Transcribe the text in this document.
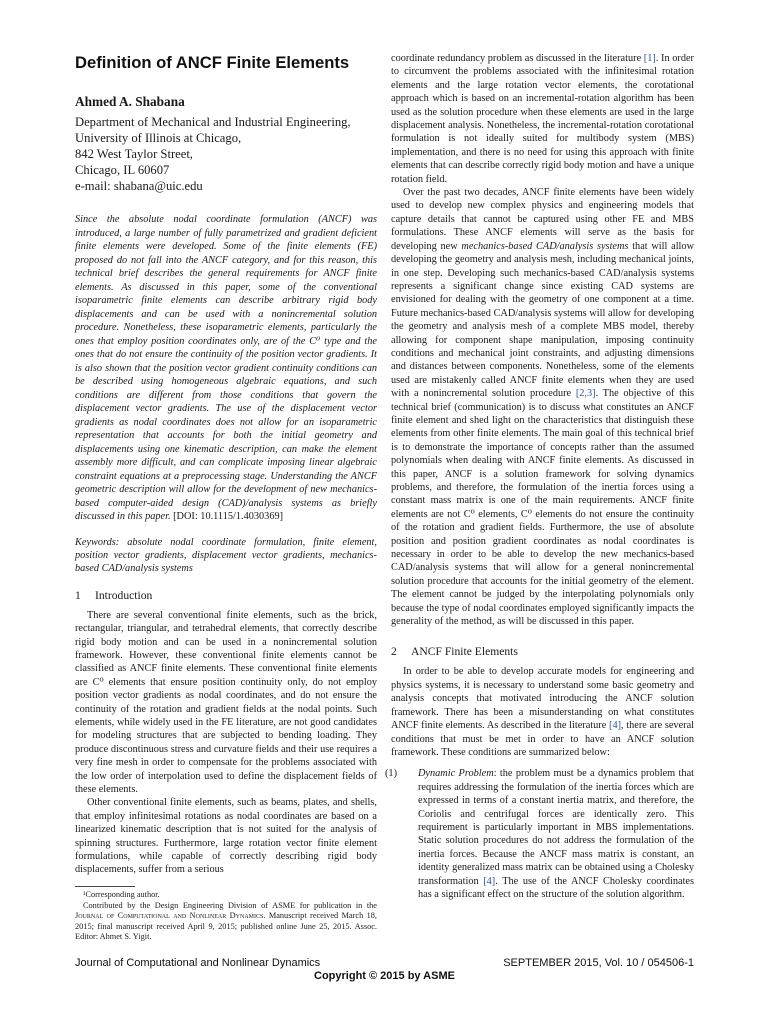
Definition of ANCF Finite Elements
Ahmed A. Shabana
Department of Mechanical and Industrial Engineering,
University of Illinois at Chicago,
842 West Taylor Street,
Chicago, IL 60607
e-mail: shabana@uic.edu
Since the absolute nodal coordinate formulation (ANCF) was introduced, a large number of fully parametrized and gradient deficient finite elements were developed. Some of the finite elements (FE) proposed do not fall into the ANCF category, and for this reason, this technical brief describes the general requirements for ANCF finite elements. As discussed in this paper, some of the conventional isoparametric finite elements can describe arbitrary rigid body displacements and can be used with a nonincremental solution procedure. Nonetheless, these isoparametric elements, particularly the ones that employ position coordinates only, are of the C⁰ type and the ones that do not ensure the continuity of the position vector gradients. It is also shown that the position vector gradient continuity conditions can be described using homogeneous algebraic equations, and such conditions are different from those conditions that govern the displacement vector gradients. The use of the displacement vector gradients as nodal coordinates does not allow for an isoparametric representation that accounts for both the initial geometry and displacements using one kinematic description, can make the element assembly more difficult, and can complicate imposing linear algebraic constraint equations at a preprocessing stage. Understanding the ANCF geometric description will allow for the development of new mechanics-based computer-aided design (CAD)/analysis systems as briefly discussed in this paper. [DOI: 10.1115/1.4030369]
Keywords: absolute nodal coordinate formulation, finite element, position vector gradients, displacement vector gradients, mechanics-based CAD/analysis systems
1 Introduction

There are several conventional finite elements, such as the brick, rectangular, triangular, and tetrahedral elements, that correctly describe rigid body motion and can be used in a nonincremental solution framework. However, these conventional finite elements cannot be classified as ANCF finite elements. These conventional finite elements are C⁰ elements that ensure position continuity only, do not employ position vector gradients as nodal coordinates, and do not ensure the continuity of the rotation and gradient fields at the nodal points. Such elements, while widely used in the FE literature, are not good candidates for modeling structures that are subjected to bending loading. They produce discontinuous stress and curvature fields and their use requires a very fine mesh in order to compensate for the problems associated with the low order of interpolation used to define the displacement fields of these elements.

Other conventional finite elements, such as beams, plates, and shells, that employ infinitesimal rotations as nodal coordinates are based on a linearized kinematic description that is not suited for the analysis of spinning structures. Furthermore, large rotation vector finite element formulations, while capable of correctly describing rigid body displacements, suffer from a serious

¹Corresponding author.

Contributed by the Design Engineering Division of ASME for publication in the Journal of Computational and Nonlinear Dynamics. Manuscript received March 18, 2015; final manuscript received April 9, 2015; published online June 25, 2015. Assoc. Editor: Ahmet S. Yigit.

coordinate redundancy problem as discussed in the literature [1]. In order to circumvent the problems associated with the infinitesimal rotation elements and the large rotation vector elements, the corotational approach which is based on an incremental-rotation algorithm has been used as the solution procedure when these elements are used in the large displacement analysis. Nonetheless, the incremental-rotation corotational formulation is not ideally suited for multibody system (MBS) implementation, and there is no need for using this approach with finite elements that can describe correctly rigid body motion and have a unique rotation field.

Over the past two decades, ANCF finite elements have been widely used to develop new complex physics and engineering models that capture details that cannot be captured using other FE and MBS formulations. These ANCF elements will serve as the basis for developing new mechanics-based CAD/analysis systems that will allow developing the geometry and analysis mesh, including mechanical joints, in one step. Developing such mechanics-based CAD/analysis systems represents a significant change since existing CAD systems are envisioned for dealing with the geometry of one component at a time. Future mechanics-based CAD/analysis systems will allow for developing the geometry and analysis mesh of a complete MBS model, thereby allowing for component shape manipulation, imposing continuity conditions and mechanical joint constraints, and adjusting dimensions and distances between components. Nonetheless, some of the elements used are mistakenly called ANCF finite elements when they are used with a nonincremental solution procedure [2,3]. The objective of this technical brief (communication) is to discuss what constitutes an ANCF finite element and shed light on the characteristics that distinguish these elements from other finite elements. The main goal of this technical brief is to demonstrate the importance of concepts rather than the assumed polynomials when dealing with ANCF finite elements. As discussed in this paper, ANCF is a solution framework for solving dynamics problems, and therefore, the formulation of the inertia forces using a constant mass matrix is one of the main requirements. ANCF finite elements are not C⁰ elements, C⁰ elements do not ensure the continuity of the rotation and gradient fields. Furthermore, the use of absolute position and position gradient coordinates as nodal coordinates is necessary in order to be able to develop the new mechanics-based CAD/analysis systems that will allow for a general nonincremental solution procedure that accounts for the initial geometry of the element. The element cannot be judged by the interpolating polynomials only because the type of nodal coordinates employed significantly impacts the generality of the method, as will be discussed in this paper.

2 ANCF Finite Elements

In order to be able to develop accurate models for engineering and physics systems, it is necessary to understand some basic geometry and analysis concepts that motivated introducing the ANCF solution framework. There has been a misunderstanding on what constitutes ANCF finite elements. As described in the literature [4], there are several conditions that must be met in order to have an ANCF solution framework. These conditions are summarized below:

(1) Dynamic Problem: the problem must be a dynamics problem that requires addressing the formulation of the inertia forces which are expressed in terms of a constant inertia matrix, and therefore, the Coriolis and centrifugal forces are identically zero. This requirement is particularly important in MBS implementations. Static solution procedures do not address the formulation of the inertia forces. Because the ANCF mass matrix is constant, an identity generalized mass matrix can be obtained using a Cholesky transformation [4]. The use of the ANCF Cholesky coordinates has a significant effect on the structure of the solution algorithm.
Journal of Computational and Nonlinear Dynamics	SEPTEMBER 2015, Vol. 10 / 054506-1
Copyright © 2015 by ASME
